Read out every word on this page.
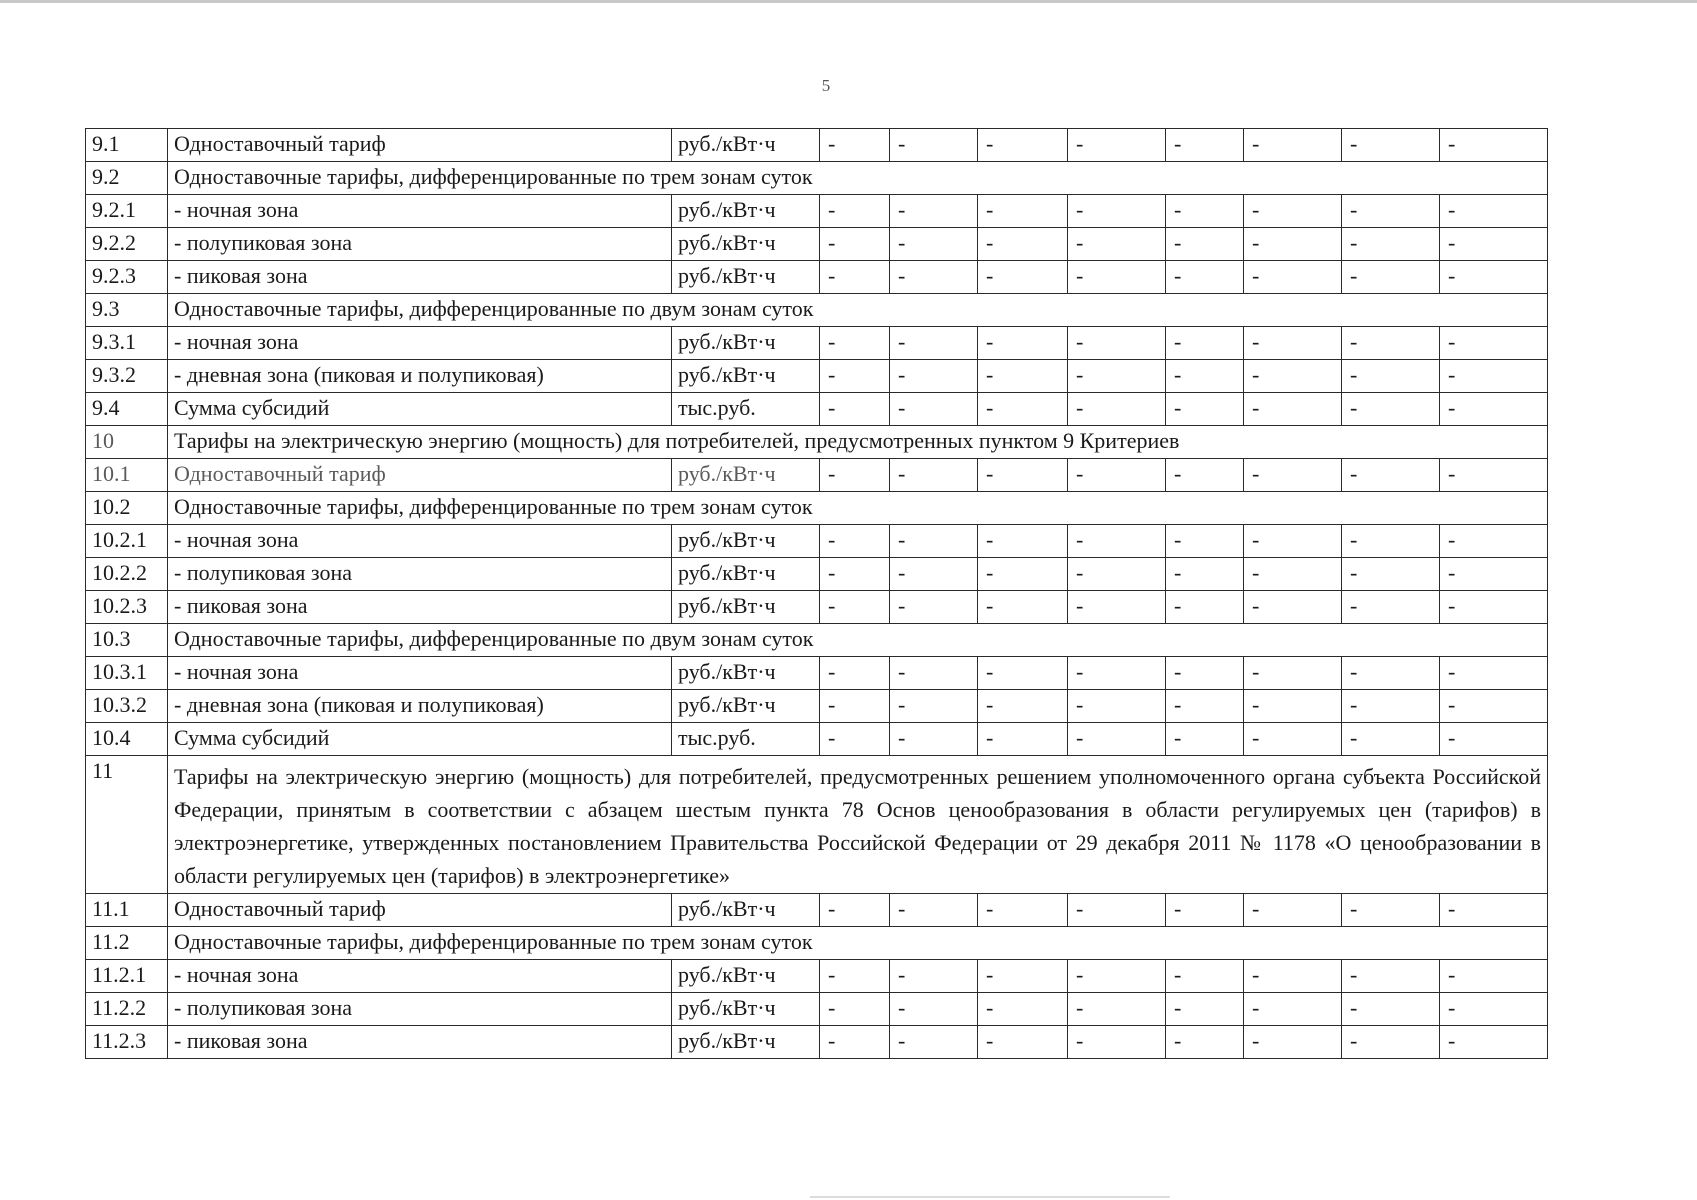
5
9.1	Одноставочный тариф	руб./кВт·ч	-	-	-	-	-	-	-	-
9.2	Одноставочные тарифы, дифференцированные по трем зонам суток									
9.2.1	- ночная зона	руб./кВт·ч	-	-	-	-	-	-	-	-
9.2.2	- полупиковая зона	руб./кВт·ч	-	-	-	-	-	-	-	-
9.2.3	- пиковая зона	руб./кВт·ч	-	-	-	-	-	-	-	-
9.3	Одноставочные тарифы, дифференцированные по двум зонам суток									
9.3.1	- ночная зона	руб./кВт·ч	-	-	-	-	-	-	-	-
9.3.2	- дневная зона (пиковая и полупиковая)	руб./кВт·ч	-	-	-	-	-	-	-	-
9.4	Сумма субсидий	тыс.руб.	-	-	-	-	-	-	-	-
10	Тарифы на электрическую энергию (мощность) для потребителей, предусмотренных пунктом 9 Критериев									
10.1	Одноставочный тариф	руб./кВт·ч	-	-	-	-	-	-	-	-
10.2	Одноставочные тарифы, дифференцированные по трем зонам суток									
10.2.1	- ночная зона	руб./кВт·ч	-	-	-	-	-	-	-	-
10.2.2	- полупиковая зона	руб./кВт·ч	-	-	-	-	-	-	-	-
10.2.3	- пиковая зона	руб./кВт·ч	-	-	-	-	-	-	-	-
10.3	Одноставочные тарифы, дифференцированные по двум зонам суток									
10.3.1	- ночная зона	руб./кВт·ч	-	-	-	-	-	-	-	-
10.3.2	- дневная зона (пиковая и полупиковая)	руб./кВт·ч	-	-	-	-	-	-	-	-
10.4	Сумма субсидий	тыс.руб.	-	-	-	-	-	-	-	-
11	Тарифы на электрическую энергию (мощность) для потребителей, предусмотренных решением уполномоченного органа субъекта Российской Федерации, принятым в соответствии с абзацем шестым пункта 78 Основ ценообразования в области регулируемых цен (тарифов) в электроэнергетике, утвержденных постановлением Правительства Российской Федерации от 29 декабря 2011 № 1178 «О ценообразовании в области регулируемых цен (тарифов) в электроэнергетике»									
11.1	Одноставочный тариф	руб./кВт·ч	-	-	-	-	-	-	-	-
11.2	Одноставочные тарифы, дифференцированные по трем зонам суток									
11.2.1	- ночная зона	руб./кВт·ч	-	-	-	-	-	-	-	-
11.2.2	- полупиковая зона	руб./кВт·ч	-	-	-	-	-	-	-	-
11.2.3	- пиковая зона	руб./кВт·ч	-	-	-	-	-	-	-	-
